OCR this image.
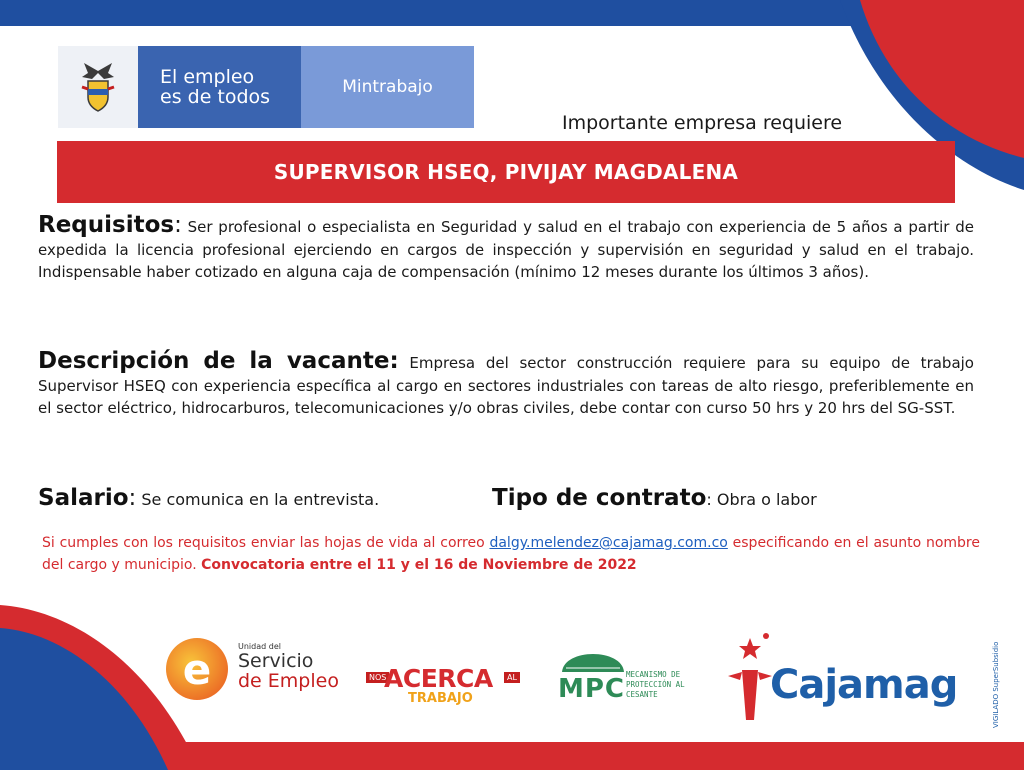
El empleo
es de todos	Mintrabajo
Importante empresa requiere
SUPERVISOR HSEQ, PIVIJAY MAGDALENA
Requisitos: Ser profesional o especialista en Seguridad y salud en el trabajo con experiencia de 5 años a partir de expedida la licencia profesional ejerciendo en cargos de inspección y supervisión en seguridad y salud en el trabajo. Indispensable haber cotizado en alguna caja de compensación (mínimo 12 meses durante los últimos 3 años).
Descripción de la vacante: Empresa del sector construcción requiere para su equipo de trabajo Supervisor HSEQ con experiencia específica al cargo en sectores industriales con tareas de alto riesgo, preferiblemente en el sector eléctrico, hidrocarburos, telecomunicaciones y/o obras civiles, debe contar con curso 50 hrs y 20 hrs del SG-SST.
Salario: Se comunica en la entrevista.	Tipo de contrato: Obra o labor
Si cumples con los requisitos enviar las hojas de vida al correo dalgy.melendez@cajamag.com.co especificando en el asunto nombre del cargo y municipio. Convocatoria entre el 11 y el 16 de Noviembre de 2022
e	Unidad del
Servicio
de Empleo	NOS
ACERCA	AL
TRABAJO	MPC MECANISMO DE PROTECCIÓN AL CESANTE	Cajamag	VIGILADO SuperSubsidio
